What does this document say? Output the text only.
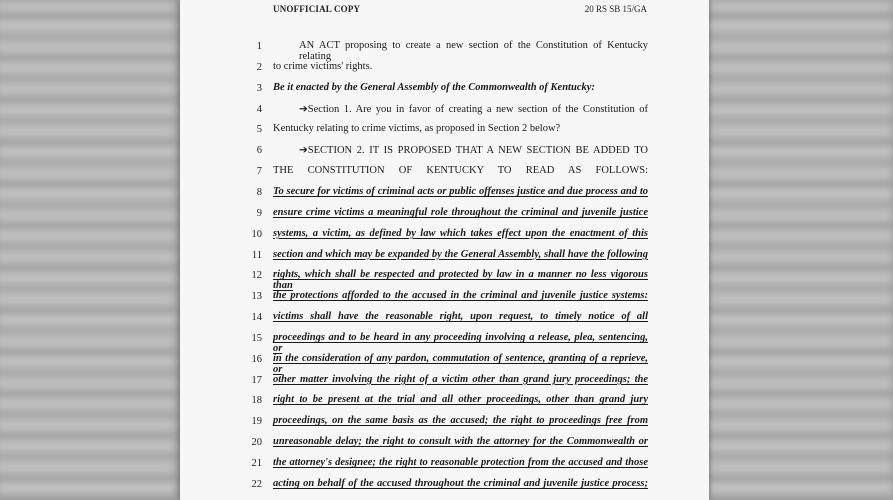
UNOFFICIAL COPY	20 RS SB 15/GA
1	AN ACT proposing to create a new section of the Constitution of Kentucky relating
2 to crime victims' rights.
3 Be it enacted by the General Assembly of the Commonwealth of Kentucky:
4	➔Section 1. Are you in favor of creating a new section of the Constitution of
5 Kentucky relating to crime victims, as proposed in Section 2 below?
6	➔SECTION 2. IT IS PROPOSED THAT A NEW SECTION BE ADDED TO
7 THE CONSTITUTION OF KENTUCKY TO READ AS FOLLOWS:
8 To secure for victims of criminal acts or public offenses justice and due process and to
9 ensure crime victims a meaningful role throughout the criminal and juvenile justice
10 systems, a victim, as defined by law which takes effect upon the enactment of this
11 section and which may be expanded by the General Assembly, shall have the following
12 rights, which shall be respected and protected by law in a manner no less vigorous than
13 the protections afforded to the accused in the criminal and juvenile justice systems:
14 victims shall have the reasonable right, upon request, to timely notice of all
15 proceedings and to be heard in any proceeding involving a release, plea, sentencing, or
16 in the consideration of any pardon, commutation of sentence, granting of a reprieve, or
17 other matter involving the right of a victim other than grand jury proceedings; the
18 right to be present at the trial and all other proceedings, other than grand jury
19 proceedings, on the same basis as the accused; the right to proceedings free from
20 unreasonable delay; the right to consult with the attorney for the Commonwealth or
21 the attorney's designee; the right to reasonable protection from the accused and those
22 acting on behalf of the accused throughout the criminal and juvenile justice process;
